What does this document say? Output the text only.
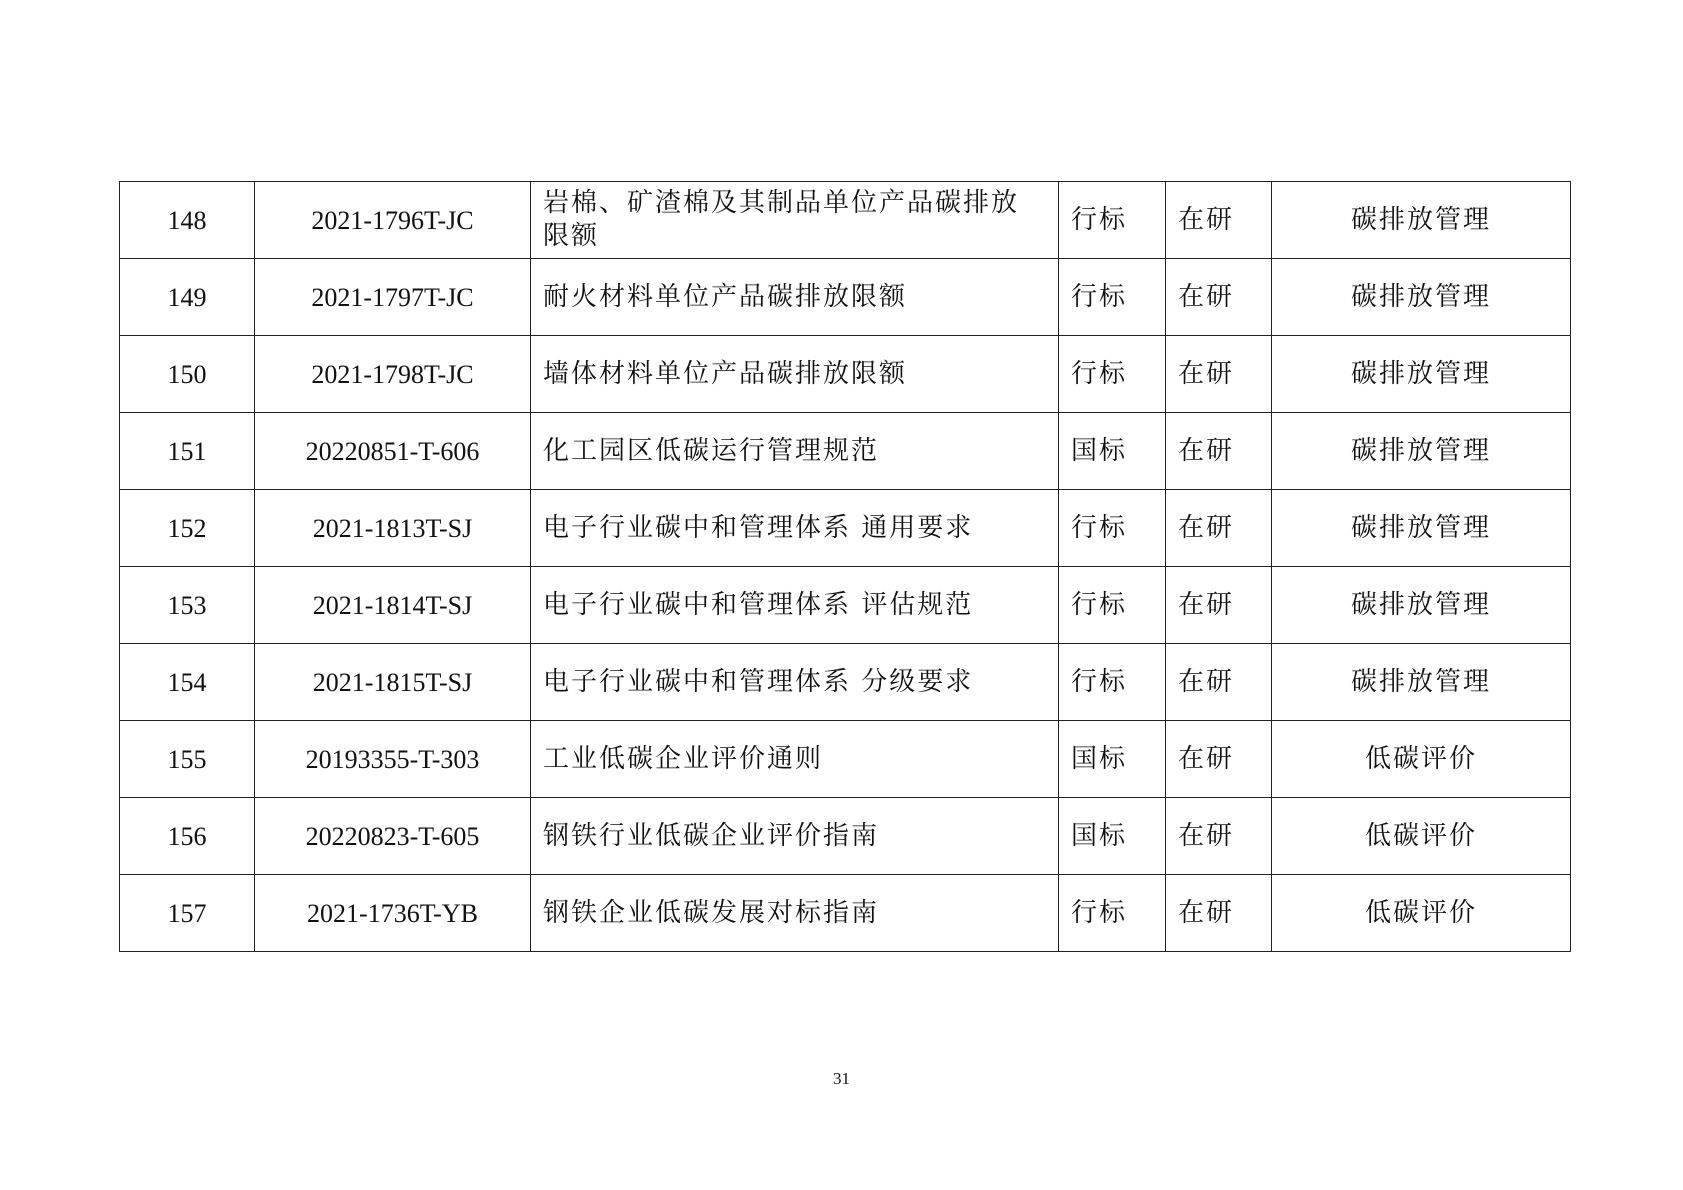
148	2021-1796T-JC	岩棉、矿渣棉及其制品单位产品碳排放限额	行标	在研	碳排放管理
149	2021-1797T-JC	耐火材料单位产品碳排放限额	行标	在研	碳排放管理
150	2021-1798T-JC	墙体材料单位产品碳排放限额	行标	在研	碳排放管理
151	20220851-T-606	化工园区低碳运行管理规范	国标	在研	碳排放管理
152	2021-1813T-SJ	电子行业碳中和管理体系 通用要求	行标	在研	碳排放管理
153	2021-1814T-SJ	电子行业碳中和管理体系 评估规范	行标	在研	碳排放管理
154	2021-1815T-SJ	电子行业碳中和管理体系 分级要求	行标	在研	碳排放管理
155	20193355-T-303	工业低碳企业评价通则	国标	在研	低碳评价
156	20220823-T-605	钢铁行业低碳企业评价指南	国标	在研	低碳评价
157	2021-1736T-YB	钢铁企业低碳发展对标指南	行标	在研	低碳评价
31
